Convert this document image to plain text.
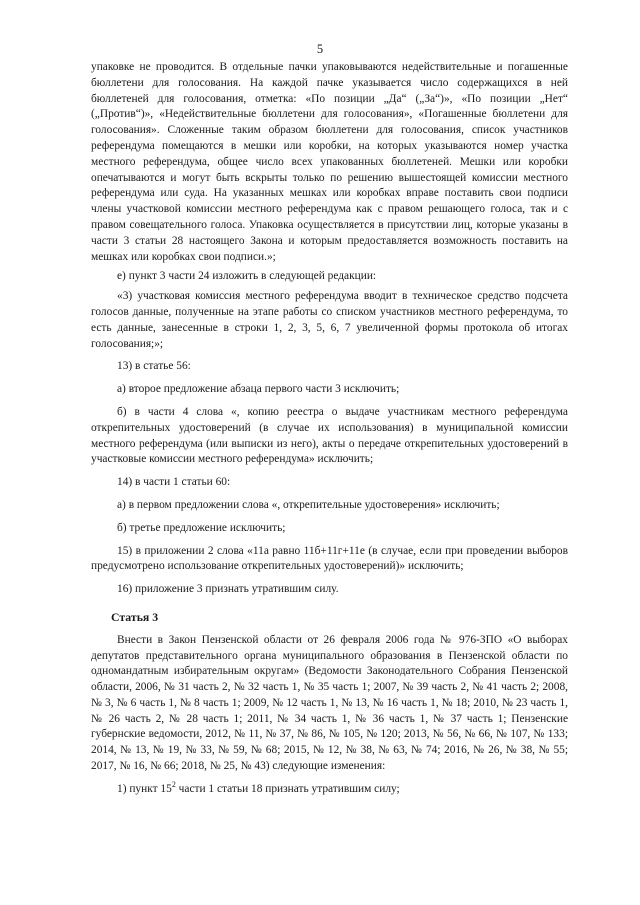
5

упаковке не проводится. В отдельные пачки упаковываются недействительные и погашенные бюллетени для голосования. На каждой пачке указывается число содержащихся в ней бюллетеней для голосования, отметка: «По позиции „Да“ („За“)», «По позиции „Нет“ („Против“)», «Недействительные бюллетени для голосования», «Погашенные бюллетени для голосования». Сложенные таким образом бюллетени для голосования, список участников референдума помещаются в мешки или коробки, на которых указываются номер участка местного референдума, общее число всех упакованных бюллетеней. Мешки или коробки опечатываются и могут быть вскрыты только по решению вышестоящей комиссии местного референдума или суда. На указанных мешках или коробках вправе поставить свои подписи члены участковой комиссии местного референдума как с правом решающего голоса, так и с правом совещательного голоса. Упаковка осуществляется в присутствии лиц, которые указаны в части 3 статьи 28 настоящего Закона и которым предоставляется возможность поставить на мешках или коробках свои подписи.»;

е) пункт 3 части 24 изложить в следующей редакции:

«3) участковая комиссия местного референдума вводит в техническое средство подсчета голосов данные, полученные на этапе работы со списком участников местного референдума, то есть данные, занесенные в строки 1, 2, 3, 5, 6, 7 увеличенной формы протокола об итогах голосования;»;

13) в статье 56:

а) второе предложение абзаца первого части 3 исключить;

б) в части 4 слова «, копию реестра о выдаче участникам местного референдума открепительных удостоверений (в случае их использования) в муниципальной комиссии местного референдума (или выписки из него), акты о передаче открепительных удостоверений в участковые комиссии местного референдума» исключить;

14) в части 1 статьи 60:

а) в первом предложении слова «, открепительные удостоверения» исключить;

б) третье предложение исключить;

15) в приложении 2 слова «11а равно 11б+11г+11е (в случае, если при проведении выборов предусмотрено использование открепительных удостоверений)» исключить;

16) приложение 3 признать утратившим силу.

Статья 3

Внести в Закон Пензенской области от 26 февраля 2006 года № 976-ЗПО «О выборах депутатов представительного органа муниципального образования в Пензенской области по одномандатным избирательным округам» (Ведомости Законодательного Собрания Пензенской области, 2006, № 31 часть 2, № 32 часть 1, № 35 часть 1; 2007, № 39 часть 2, № 41 часть 2; 2008, № 3, № 6 часть 1, № 8 часть 1; 2009, № 12 часть 1, № 13, № 16 часть 1, № 18; 2010, № 23 часть 1, № 26 часть 2, № 28 часть 1; 2011, № 34 часть 1, № 36 часть 1, № 37 часть 1; Пензенские губернские ведомости, 2012, № 11, № 37, № 86, № 105, № 120; 2013, № 56, № 66, № 107, № 133; 2014, № 13, № 19, № 33, № 59, № 68; 2015, № 12, № 38, № 63, № 74; 2016, № 26, № 38, № 55; 2017, № 16, № 66; 2018, № 25, № 43) следующие изменения:

1) пункт $15^2$ части 1 статьи 18 признать утратившим силу;
